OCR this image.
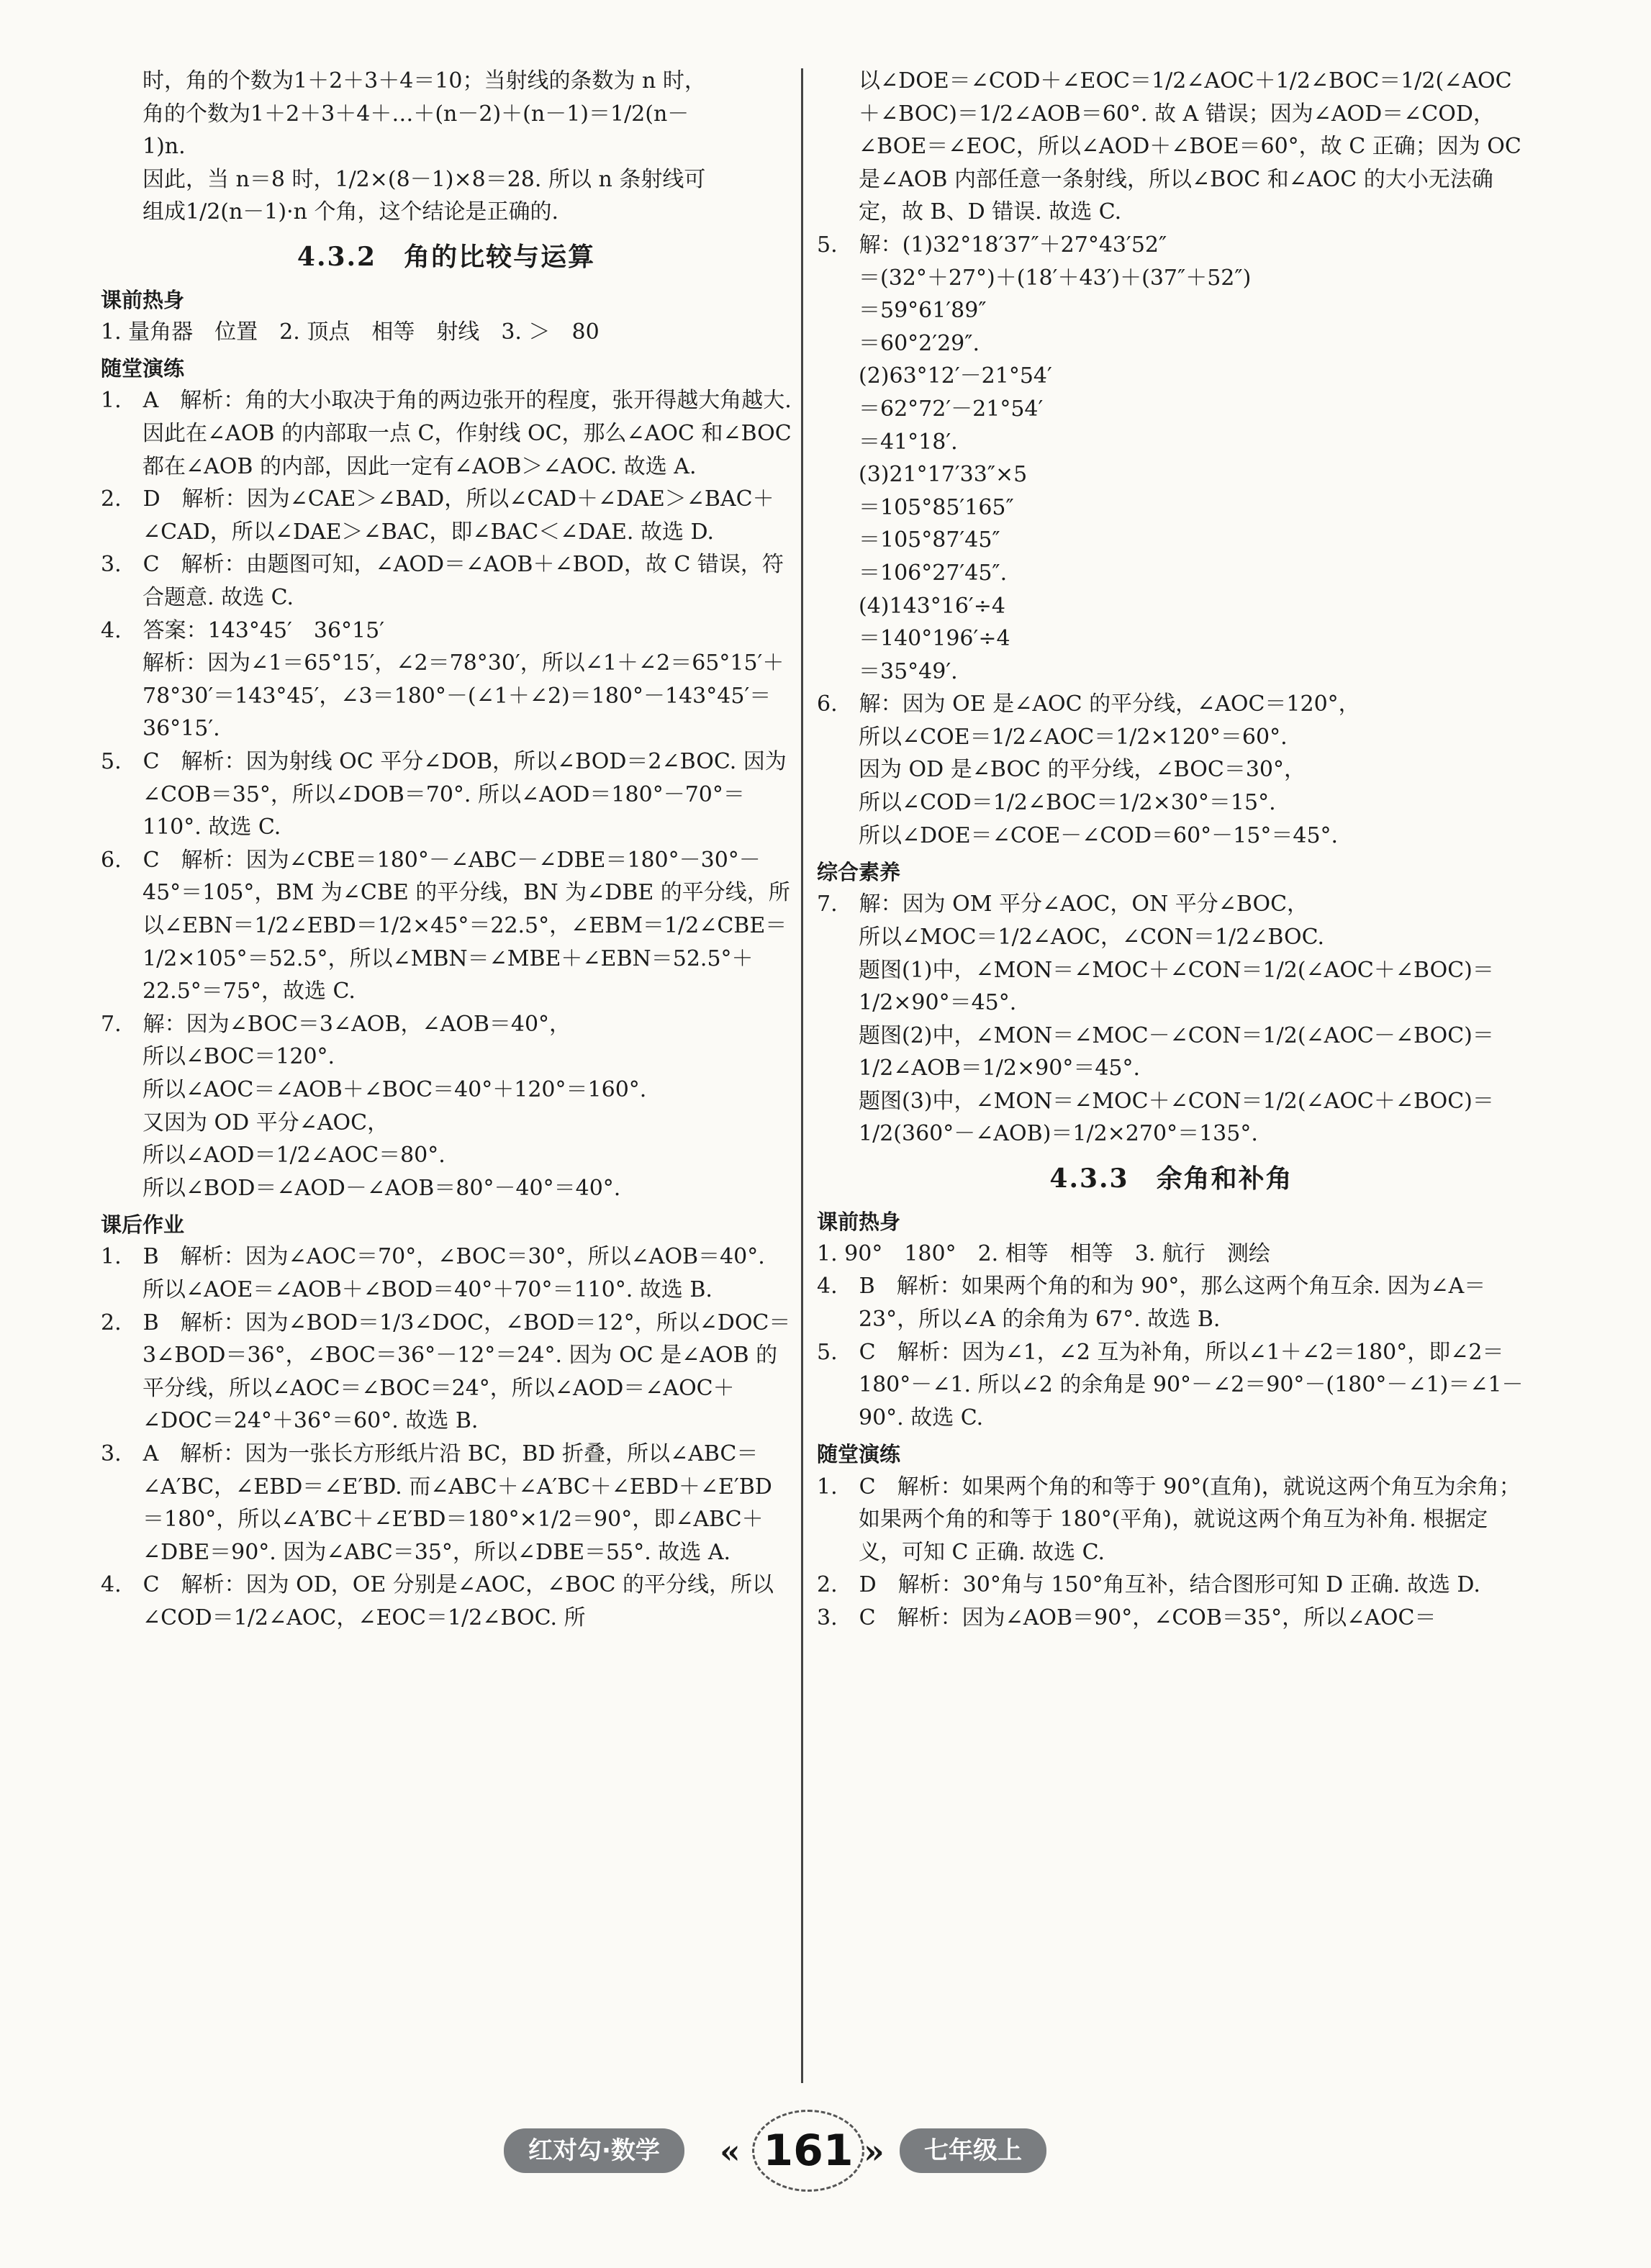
时，角的个数为1＋2＋3＋4＝10；当射线的条数为 n 时，

角的个数为1＋2＋3＋4＋…＋(n－2)＋(n－1)＝1/2(n－

1)n.

因此，当 n＝8 时，1/2×(8－1)×8＝28. 所以 n 条射线可

组成1/2(n－1)·n 个角，这个结论是正确的.

4.3.2　角的比较与运算

课前热身

1. 量角器　位置　2. 顶点　相等　射线　3. ＞　80

随堂演练

1.　A　解析：角的大小取决于角的两边张开的程度，张开得越大角越大. 因此在∠AOB 的内部取一点 C，作射线 OC，那么∠AOC 和∠BOC 都在∠AOB 的内部，因此一定有∠AOB＞∠AOC. 故选 A.

2.　D　解析：因为∠CAE＞∠BAD，所以∠CAD＋∠DAE＞∠BAC＋∠CAD，所以∠DAE＞∠BAC，即∠BAC＜∠DAE. 故选 D.

3.　C　解析：由题图可知，∠AOD＝∠AOB＋∠BOD，故 C 错误，符合题意. 故选 C.

4.　答案：143°45′　36°15′

解析：因为∠1＝65°15′，∠2＝78°30′，所以∠1＋∠2＝65°15′＋78°30′＝143°45′，∠3＝180°－(∠1＋∠2)＝180°－143°45′＝36°15′.

5.　C　解析：因为射线 OC 平分∠DOB，所以∠BOD＝2∠BOC. 因为∠COB＝35°，所以∠DOB＝70°. 所以∠AOD＝180°－70°＝110°. 故选 C.

6.　C　解析：因为∠CBE＝180°－∠ABC－∠DBE＝180°－30°－45°＝105°，BM 为∠CBE 的平分线，BN 为∠DBE 的平分线，所以∠EBN＝1/2∠EBD＝1/2×45°＝22.5°，∠EBM＝1/2∠CBE＝1/2×105°＝52.5°，所以∠MBN＝∠MBE＋∠EBN＝52.5°＋22.5°＝75°，故选 C.

7.　解：因为∠BOC＝3∠AOB，∠AOB＝40°，

所以∠BOC＝120°.

所以∠AOC＝∠AOB＋∠BOC＝40°＋120°＝160°.

又因为 OD 平分∠AOC，

所以∠AOD＝1/2∠AOC＝80°.

所以∠BOD＝∠AOD－∠AOB＝80°－40°＝40°.

课后作业

1.　B　解析：因为∠AOC＝70°，∠BOC＝30°，所以∠AOB＝40°. 所以∠AOE＝∠AOB＋∠BOD＝40°＋70°＝110°. 故选 B.

2.　B　解析：因为∠BOD＝1/3∠DOC，∠BOD＝12°，所以∠DOC＝3∠BOD＝36°，∠BOC＝36°－12°＝24°. 因为 OC 是∠AOB 的平分线，所以∠AOC＝∠BOC＝24°，所以∠AOD＝∠AOC＋∠DOC＝24°＋36°＝60°. 故选 B.

3.　A　解析：因为一张长方形纸片沿 BC，BD 折叠，所以∠ABC＝∠A′BC，∠EBD＝∠E′BD. 而∠ABC＋∠A′BC＋∠EBD＋∠E′BD＝180°，所以∠A′BC＋∠E′BD＝180°×1/2＝90°，即∠ABC＋∠DBE＝90°. 因为∠ABC＝35°，所以∠DBE＝55°. 故选 A.

4.　C　解析：因为 OD，OE 分别是∠AOC，∠BOC 的平分线，所以∠COD＝1/2∠AOC，∠EOC＝1/2∠BOC. 所

以∠DOE＝∠COD＋∠EOC＝1/2∠AOC＋1/2∠BOC＝1/2(∠AOC＋∠BOC)＝1/2∠AOB＝60°. 故 A 错误；因为∠AOD＝∠COD，∠BOE＝∠EOC，所以∠AOD＋∠BOE＝60°，故 C 正确；因为 OC 是∠AOB 内部任意一条射线，所以∠BOC 和∠AOC 的大小无法确定，故 B、D 错误. 故选 C.

5.　解：(1)32°18′37″＋27°43′52″

＝(32°＋27°)＋(18′＋43′)＋(37″＋52″)

＝59°61′89″

＝60°2′29″.

(2)63°12′－21°54′

＝62°72′－21°54′

＝41°18′.

(3)21°17′33″×5

＝105°85′165″

＝105°87′45″

＝106°27′45″.

(4)143°16′÷4

＝140°196′÷4

＝35°49′.

6.　解：因为 OE 是∠AOC 的平分线，∠AOC＝120°，

所以∠COE＝1/2∠AOC＝1/2×120°＝60°.

因为 OD 是∠BOC 的平分线，∠BOC＝30°，

所以∠COD＝1/2∠BOC＝1/2×30°＝15°.

所以∠DOE＝∠COE－∠COD＝60°－15°＝45°.

综合素养

7.　解：因为 OM 平分∠AOC，ON 平分∠BOC，

所以∠MOC＝1/2∠AOC，∠CON＝1/2∠BOC.

题图(1)中，∠MON＝∠MOC＋∠CON＝1/2(∠AOC＋∠BOC)＝1/2×90°＝45°.

题图(2)中，∠MON＝∠MOC－∠CON＝1/2(∠AOC－∠BOC)＝1/2∠AOB＝1/2×90°＝45°.

题图(3)中，∠MON＝∠MOC＋∠CON＝1/2(∠AOC＋∠BOC)＝1/2(360°－∠AOB)＝1/2×270°＝135°.

4.3.3　余角和补角

课前热身

1. 90°　180°　2. 相等　相等　3. 航行　测绘

4.　B　解析：如果两个角的和为 90°，那么这两个角互余. 因为∠A＝23°，所以∠A 的余角为 67°. 故选 B.

5.　C　解析：因为∠1，∠2 互为补角，所以∠1＋∠2＝180°，即∠2＝180°－∠1. 所以∠2 的余角是 90°－∠2＝90°－(180°－∠1)＝∠1－90°. 故选 C.

随堂演练

1.　C　解析：如果两个角的和等于 90°(直角)，就说这两个角互为余角；如果两个角的和等于 180°(平角)，就说这两个角互为补角. 根据定义，可知 C 正确. 故选 C.

2.　D　解析：30°角与 150°角互补，结合图形可知 D 正确. 故选 D.

3.　C　解析：因为∠AOB＝90°，∠COB＝35°，所以∠AOC＝

红对勾·数学	« 161 »	七年级上
